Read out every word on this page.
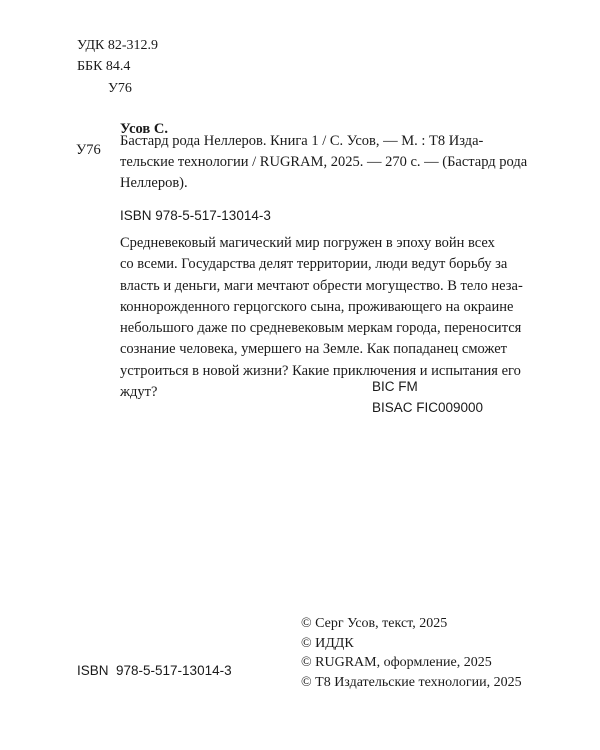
УДК 82-312.9
ББК 84.4
У76
Усов С.
У76
Бастард рода Неллеров. Книга 1 / С. Усов, — М. : Т8 Изда-
тельские технологии / RUGRAM, 2025. — 270 с. — (Бастард рода
Неллеров).
ISBN 978-5-517-13014-3
Средневековый магический мир погружен в эпоху войн всех
со всеми. Государства делят территории, люди ведут борьбу за
власть и деньги, маги мечтают обрести могущество. В тело неза-
коннорожденного герцогского сына, проживающего на окраине
небольшого даже по средневековым меркам города, переносится
сознание человека, умершего на Земле. Как попаданец сможет
устроиться в новой жизни? Какие приключения и испытания его
ждут?	BIC FM
BISAC FIC009000
© Серг Усов, текст, 2025
© ИДДК
© RUGRAM, оформление, 2025
© Т8 Издательские технологии, 2025
ISBN  978-5-517-13014-3
